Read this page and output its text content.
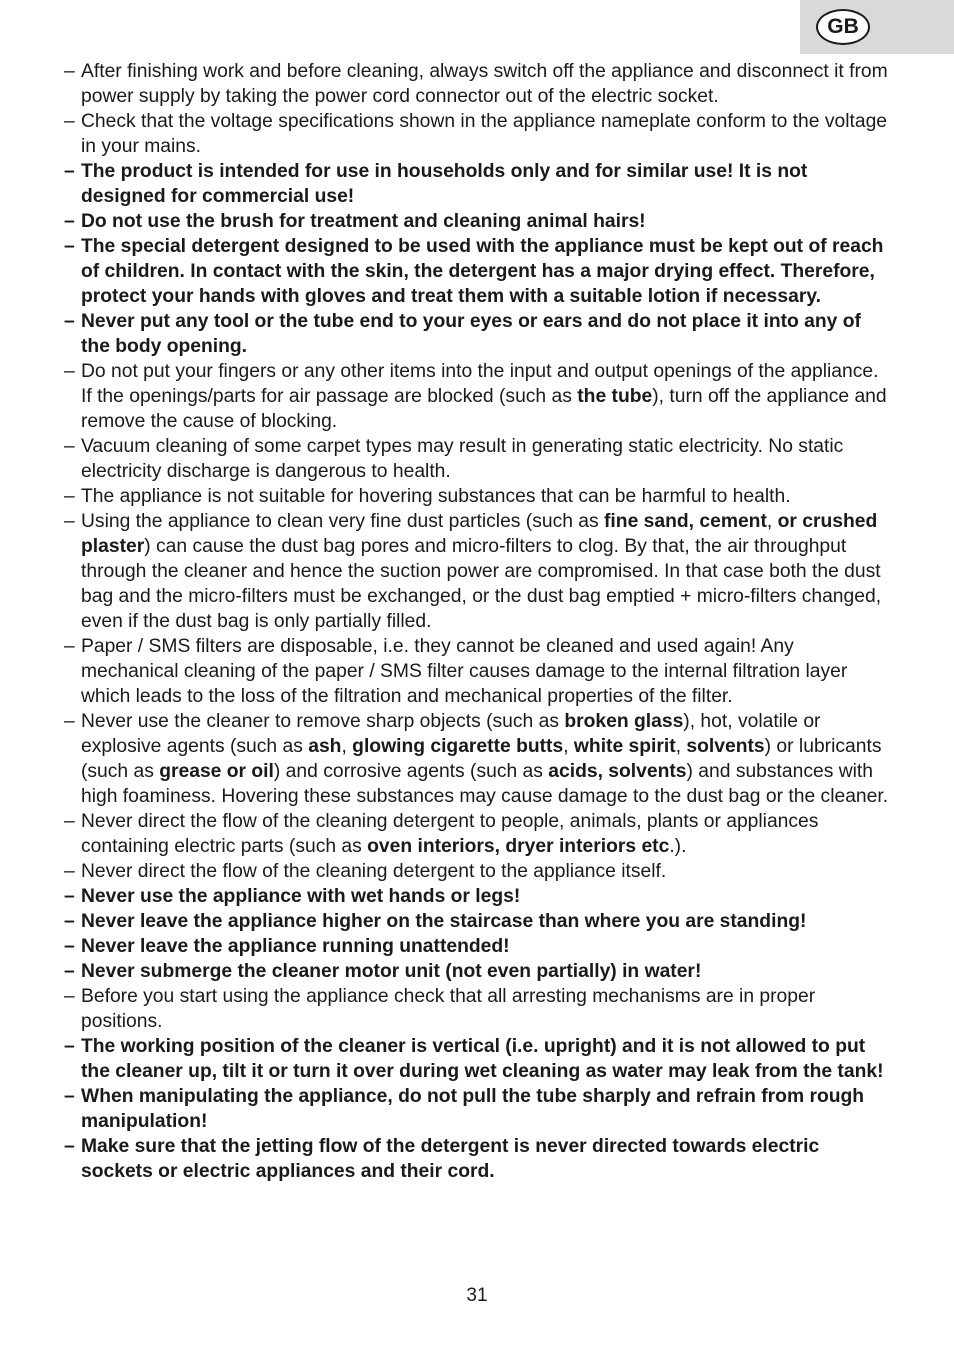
GB
– After finishing work and before cleaning, always switch off the appliance and disconnect it from power supply by taking the power cord connector out of the electric socket.
– Check that the voltage specifications shown in the appliance nameplate conform to the voltage in your mains.
– The product is intended for use in households only and for similar use! It is not designed for commercial use!
– Do not use the brush for treatment and cleaning animal hairs!
– The special detergent designed to be used with the appliance must be kept out of reach of children. In contact with the skin, the detergent has a major drying effect. Therefore, protect your hands with gloves and treat them with a suitable lotion if necessary.
– Never put any tool or the tube end to your eyes or ears and do not place it into any of the body opening.
– Do not put your fingers or any other items into the input and output openings of the appliance. If the openings/parts for air passage are blocked (such as the tube), turn off the appliance and remove the cause of blocking.
– Vacuum cleaning of some carpet types may result in generating static electricity. No static electricity discharge is dangerous to health.
– The appliance is not suitable for hovering substances that can be harmful to health.
– Using the appliance to clean very fine dust particles (such as fine sand, cement, or crushed plaster) can cause the dust bag pores and micro-filters to clog. By that, the air throughput through the cleaner and hence the suction power are compromised. In that case both the dust bag and the micro-filters must be exchanged, or the dust bag emptied + micro-filters changed, even if the dust bag is only partially filled.
– Paper / SMS filters are disposable, i.e. they cannot be cleaned and used again! Any mechanical cleaning of the paper / SMS filter causes damage to the internal filtration layer which leads to the loss of the filtration and mechanical properties of the filter.
– Never use the cleaner to remove sharp objects (such as broken glass), hot, volatile or explosive agents (such as ash, glowing cigarette butts, white spirit, solvents) or lubricants (such as grease or oil) and corrosive agents (such as acids, solvents) and substances with high foaminess. Hovering these substances may cause damage to the dust bag or the cleaner.
– Never direct the flow of the cleaning detergent to people, animals, plants or appliances containing electric parts (such as oven interiors, dryer interiors etc.).
– Never direct the flow of the cleaning detergent to the appliance itself.
– Never use the appliance with wet hands or legs!
– Never leave the appliance higher on the staircase than where you are standing!
– Never leave the appliance running unattended!
– Never submerge the cleaner motor unit (not even partially) in water!
– Before you start using the appliance check that all arresting mechanisms are in proper positions.
– The working position of the cleaner is vertical (i.e. upright) and it is not allowed to put the cleaner up, tilt it or turn it over during wet cleaning as water may leak from the tank!
– When manipulating the appliance, do not pull the tube sharply and refrain from rough manipulation!
– Make sure that the jetting flow of the detergent is never directed towards electric sockets or electric appliances and their cord.
31
